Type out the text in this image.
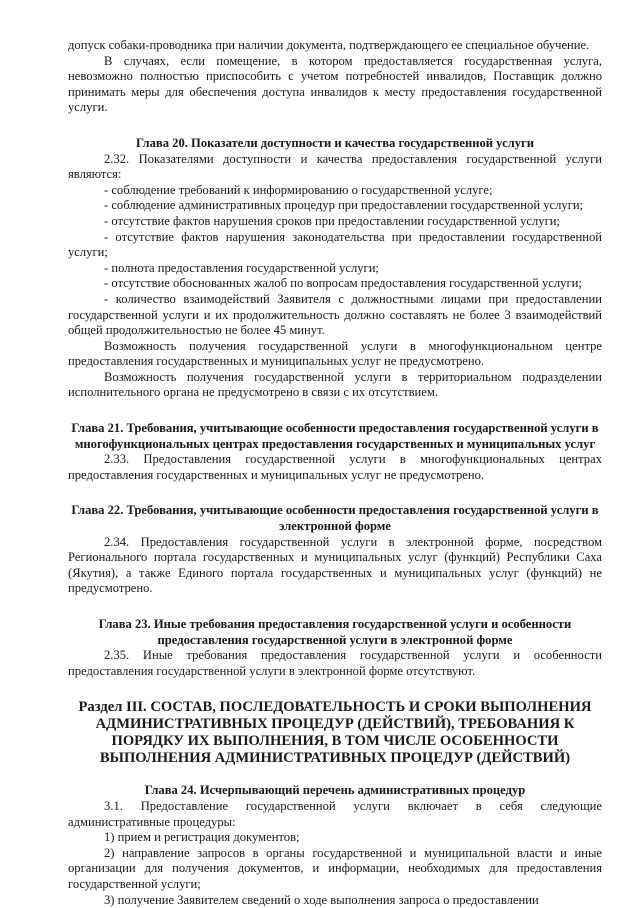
допуск собаки-проводника при наличии документа, подтверждающего ее специальное обучение.

В случаях, если помещение, в котором предоставляется государственная услуга, невозможно полностью приспособить с учетом потребностей инвалидов, Поставщик должно принимать меры для обеспечения доступа инвалидов к месту предоставления государственной услуги.

Глава 20. Показатели доступности и качества государственной услуги

2.32. Показателями доступности и качества предоставления государственной услуги являются:

- соблюдение требований к информированию о государственной услуге;

- соблюдение административных процедур при предоставлении государственной услуги;

- отсутствие фактов нарушения сроков при предоставлении государственной услуги;

- отсутствие фактов нарушения законодательства при предоставлении государственной услуги;

- полнота предоставления государственной услуги;

- отсутствие обоснованных жалоб по вопросам предоставления государственной услуги;

- количество взаимодействий Заявителя с должностными лицами при предоставлении государственной услуги и их продолжительность должно составлять не более 3 взаимодействий общей продолжительностью не более 45 минут.

Возможность получения государственной услуги в многофункциональном центре предоставления государственных и муниципальных услуг не предусмотрено.

Возможность получения государственной услуги в территориальном подразделении исполнительного органа не предусмотрено в связи с их отсутствием.

Глава 21. Требования, учитывающие особенности предоставления государственной услуги в многофункциональных центрах предоставления государственных и муниципальных услуг

2.33. Предоставления государственной услуги в многофункциональных центрах предоставления государственных и муниципальных услуг не предусмотрено.

Глава 22. Требования, учитывающие особенности предоставления государственной услуги в электронной форме

2.34. Предоставления государственной услуги в электронной форме, посредством Регионального портала государственных и муниципальных услуг (функций) Республики Саха (Якутия), а также Единого портала государственных и муниципальных услуг (функций) не предусмотрено.

Глава 23. Иные требования предоставления государственной услуги и особенности предоставления государственной услуги в электронной форме

2.35. Иные требования предоставления государственной услуги и особенности предоставления государственной услуги в электронной форме отсутствуют.

Раздел III. СОСТАВ, ПОСЛЕДОВАТЕЛЬНОСТЬ И СРОКИ ВЫПОЛНЕНИЯ АДМИНИСТРАТИВНЫХ ПРОЦЕДУР (ДЕЙСТВИЙ), ТРЕБОВАНИЯ К ПОРЯДКУ ИХ ВЫПОЛНЕНИЯ, В ТОМ ЧИСЛЕ ОСОБЕННОСТИ ВЫПОЛНЕНИЯ АДМИНИСТРАТИВНЫХ ПРОЦЕДУР (ДЕЙСТВИЙ)
Глава 24. Исчерпывающий перечень административных процедур

3.1. Предоставление государственной услуги включает в себя следующие административные процедуры:

1) прием и регистрация документов;

2) направление запросов в органы государственной и муниципальной власти и иные организации для получения документов, и информации, необходимых для предоставления государственной услуги;

3) получение Заявителем сведений о ходе выполнения запроса о предоставлении
